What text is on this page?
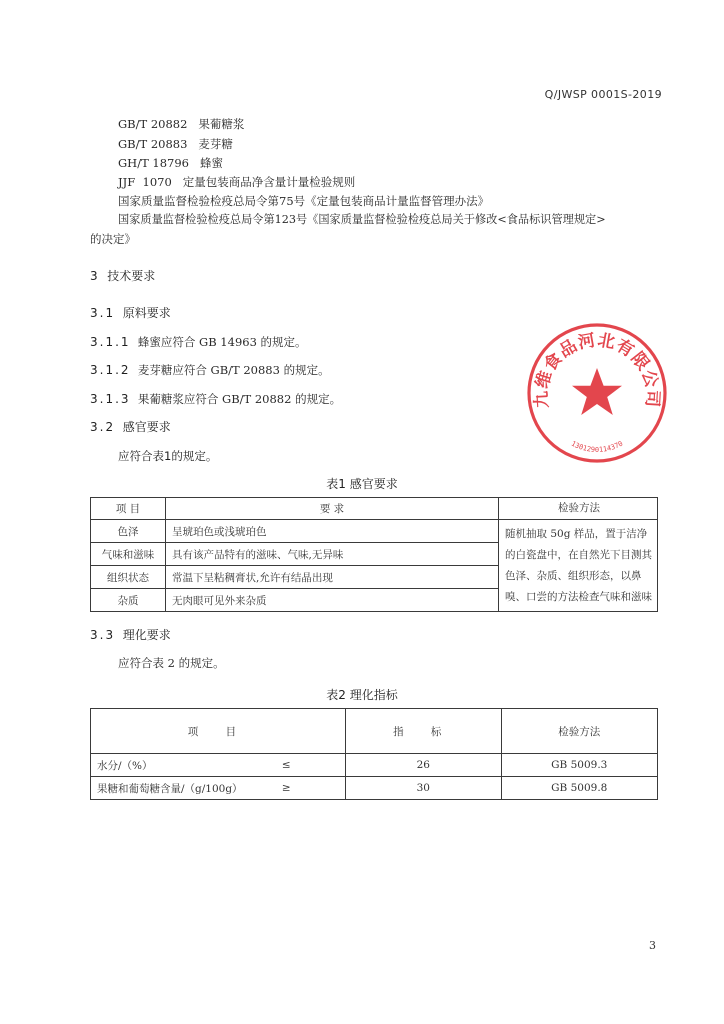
Q/JWSP 0001S-2019
GB/T 20882 果葡糖浆
GB/T 20883 麦芽糖
GH/T 18796 蜂蜜
JJF  1070 定量包装商品净含量计量检验规则
国家质量监督检验检疫总局令第75号《定量包装商品计量监督管理办法》
国家质量监督检验检疫总局令第123号《国家质量监督检验检疫总局关于修改<食品标识管理规定>
的决定》
3 技术要求
3.1 原料要求
3.1.1 蜂蜜应符合 GB 14963 的规定。
3.1.2 麦芽糖应符合 GB/T 20883 的规定。
3.1.3 果葡糖浆应符合 GB/T 20882 的规定。
3.2 感官要求
应符合表1的规定。
表1 感官要求
项 目	要 求	检验方法
色泽	呈琥珀色或浅琥珀色	随机抽取 50g 样品，置于洁净的白瓷盘中，在自然光下目测其色泽、杂质、组织形态，以鼻嗅、口尝的方法检查气味和滋味
气味和滋味	具有该产品特有的滋味、气味,无异味	
组织状态	常温下呈粘稠膏状,允许有结晶出现	
杂质	无肉眼可见外来杂质	
3.3 理化要求
应符合表 2 的规定。
表2 理化指标
项 目		指 标	检验方法
水分/（%）	≤	26	GB 5009.3
果糖和葡萄糖含量/（g/100g）	≥	30	GB 5009.8
九维食品河北有限公司
1301290114370
3
